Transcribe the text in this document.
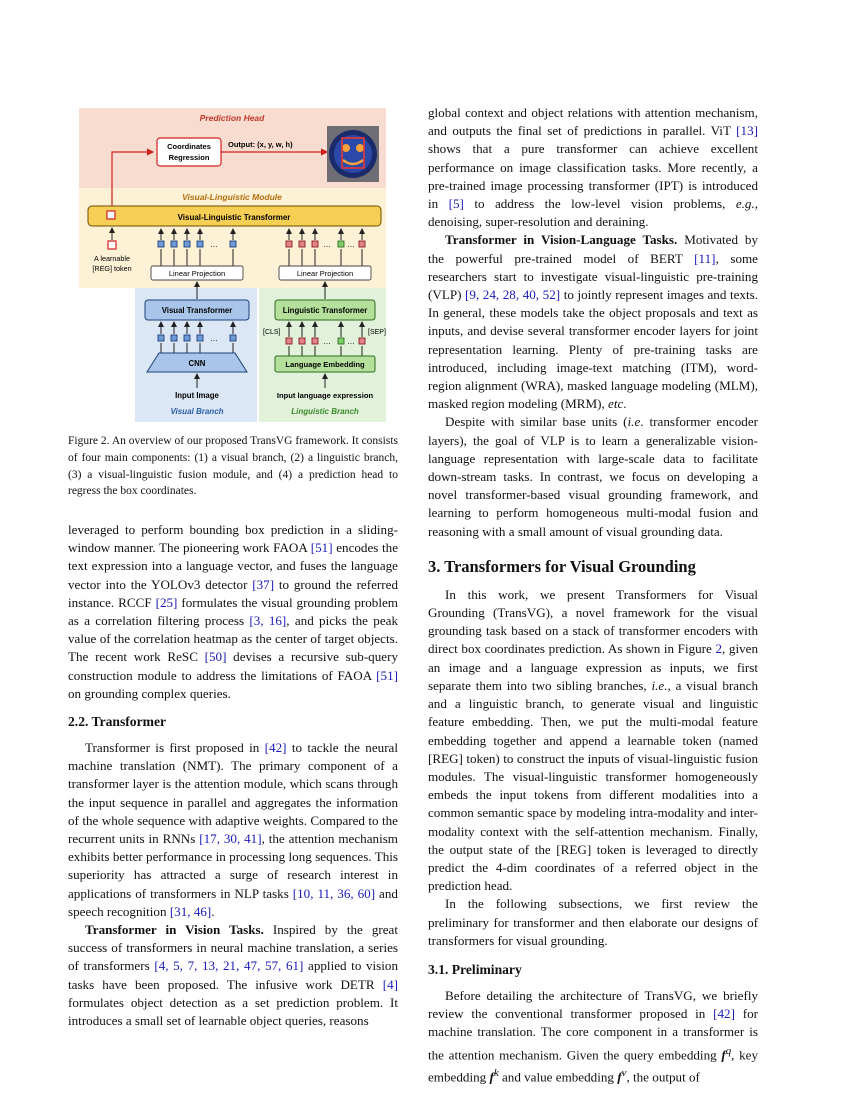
Prediction Head
Coordinates
Regression
Output: (x, y, w, h)
Visual-Linguistic Module
Visual-Linguistic Transformer
A learnable
[REG] token
…
Linear Projection
… …
Linear Projection
Visual Transformer	Linguistic Transformer
…
CNN
Input Image
Visual Branch
[CLS]	[SEP]
… …
Language Embedding
Input language expression
Linguistic Branch
Figure 2. An overview of our proposed TransVG framework. It consists of four main components: (1) a visual branch, (2) a linguistic branch, (3) a visual-linguistic fusion module, and (4) a prediction head to regress the box coordinates.

leveraged to perform bounding box prediction in a sliding-window manner. The pioneering work FAOA [51] encodes the text expression into a language vector, and fuses the language vector into the YOLOv3 detector [37] to ground the referred instance. RCCF [25] formulates the visual grounding problem as a correlation filtering process [3, 16], and picks the peak value of the correlation heatmap as the center of target objects. The recent work ReSC [50] devises a recursive sub-query construction module to address the limitations of FAOA [51] on grounding complex queries.

2.2. Transformer

Transformer is first proposed in [42] to tackle the neural machine translation (NMT). The primary component of a transformer layer is the attention module, which scans through the input sequence in parallel and aggregates the information of the whole sequence with adaptive weights. Compared to the recurrent units in RNNs [17, 30, 41], the attention mechanism exhibits better performance in processing long sequences. This superiority has attracted a surge of research interest in applications of transformers in NLP tasks [10, 11, 36, 60] and speech recognition [31, 46].

Transformer in Vision Tasks. Inspired by the great success of transformers in neural machine translation, a series of transformers [4, 5, 7, 13, 21, 47, 57, 61] applied to vision tasks have been proposed. The infusive work DETR [4] formulates object detection as a set prediction problem. It introduces a small set of learnable object queries, reasons

global context and object relations with attention mechanism, and outputs the final set of predictions in parallel. ViT [13] shows that a pure transformer can achieve excellent performance on image classification tasks. More recently, a pre-trained image processing transformer (IPT) is introduced in [5] to address the low-level vision problems, e.g., denoising, super-resolution and deraining.

Transformer in Vision-Language Tasks. Motivated by the powerful pre-trained model of BERT [11], some researchers start to investigate visual-linguistic pre-training (VLP) [9, 24, 28, 40, 52] to jointly represent images and texts. In general, these models take the object proposals and text as inputs, and devise several transformer encoder layers for joint representation learning. Plenty of pre-training tasks are introduced, including image-text matching (ITM), word-region alignment (WRA), masked language modeling (MLM), masked region modeling (MRM), etc.

Despite with similar base units (i.e. transformer encoder layers), the goal of VLP is to learn a generalizable vision-language representation with large-scale data to facilitate down-stream tasks. In contrast, we focus on developing a novel transformer-based visual grounding framework, and learning to perform homogeneous multi-modal fusion and reasoning with a small amount of visual grounding data.

3. Transformers for Visual Grounding

In this work, we present Transformers for Visual Grounding (TransVG), a novel framework for the visual grounding task based on a stack of transformer encoders with direct box coordinates prediction. As shown in Figure 2, given an image and a language expression as inputs, we first separate them into two sibling branches, i.e., a visual branch and a linguistic branch, to generate visual and linguistic feature embedding. Then, we put the multi-modal feature embedding together and append a learnable token (named [REG] token) to construct the inputs of visual-linguistic fusion modules. The visual-linguistic transformer homogeneously embeds the input tokens from different modalities into a common semantic space by modeling intra-modality and inter-modality context with the self-attention mechanism. Finally, the output state of the [REG] token is leveraged to directly predict the 4-dim coordinates of a referred object in the prediction head.

In the following subsections, we first review the preliminary for transformer and then elaborate our designs of transformers for visual grounding.

3.1. Preliminary

Before detailing the architecture of TransVG, we briefly review the conventional transformer proposed in [42] for machine translation. The core component in a transformer is the attention mechanism. Given the query embedding $f^q$, key embedding $f^k$ and value embedding $f^v$, the output of
